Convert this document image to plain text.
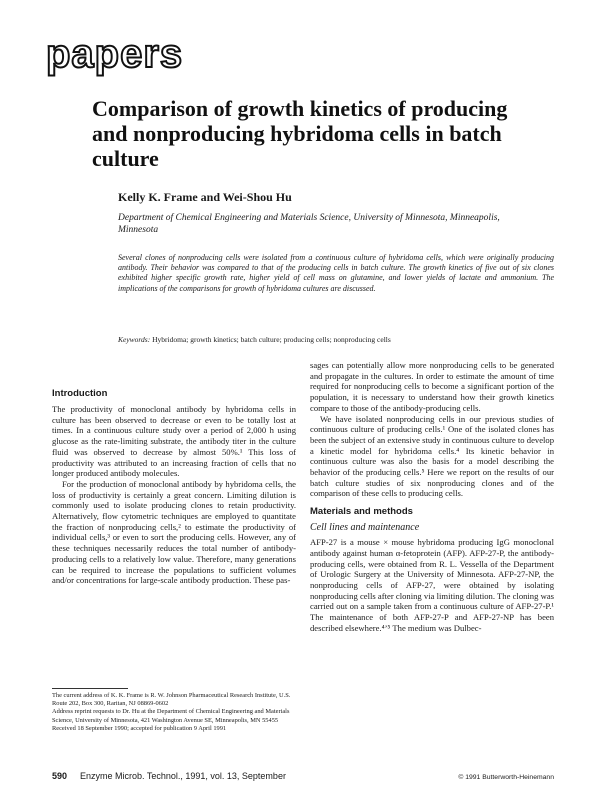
papers
Comparison of growth kinetics of producing and nonproducing hybridoma cells in batch culture
Kelly K. Frame and Wei-Shou Hu
Department of Chemical Engineering and Materials Science, University of Minnesota, Minneapolis, Minnesota
Several clones of nonproducing cells were isolated from a continuous culture of hybridoma cells, which were originally producing antibody. Their behavior was compared to that of the producing cells in batch culture. The growth kinetics of five out of six clones exhibited higher specific growth rate, higher yield of cell mass on glutamine, and lower yields of lactate and ammonium. The implications of the comparisons for growth of hybridoma cultures are discussed.
Keywords: Hybridoma; growth kinetics; batch culture; producing cells; nonproducing cells
Introduction

The productivity of monoclonal antibody by hybridoma cells in culture has been observed to decrease or even to be totally lost at times. In a continuous culture study over a period of 2,000 h using glucose as the rate-limiting substrate, the antibody titer in the culture fluid was observed to decrease by almost 50%.¹ This loss of productivity was attributed to an increasing fraction of cells that no longer produced antibody molecules.

For the production of monoclonal antibody by hybridoma cells, the loss of productivity is certainly a great concern. Limiting dilution is commonly used to isolate producing clones to retain productivity. Alternatively, flow cytometric techniques are employed to quantitate the fraction of nonproducing cells,² to estimate the productivity of individual cells,³ or even to sort the producing cells. However, any of these techniques necessarily reduces the total number of antibody-producing cells to a relatively low value. Therefore, many generations can be required to increase the populations to sufficient volumes and/or concentrations for large-scale antibody production. These pas-

sages can potentially allow more nonproducing cells to be generated and propagate in the cultures. In order to estimate the amount of time required for nonproducing cells to become a significant portion of the population, it is necessary to understand how their growth kinetics compare to those of the antibody-producing cells.

We have isolated nonproducing cells in our previous studies of continuous culture of producing cells.¹ One of the isolated clones has been the subject of an extensive study in continuous culture to develop a kinetic model for hybridoma cells.⁴ Its kinetic behavior in continuous culture was also the basis for a model describing the behavior of the producing cells.⁵ Here we report on the results of our batch culture studies of six nonproducing clones and of the comparison of these cells to producing cells.

Materials and methods
Cell lines and maintenance

AFP-27 is a mouse × mouse hybridoma producing IgG monoclonal antibody against human α-fetoprotein (AFP). AFP-27-P, the antibody-producing cells, were obtained from R. L. Vessella of the Department of Urologic Surgery at the University of Minnesota. AFP-27-NP, the nonproducing cells of AFP-27, were obtained by isolating nonproducing cells after cloning via limiting dilution. The cloning was carried out on a sample taken from a continuous culture of AFP-27-P.¹ The maintenance of both AFP-27-P and AFP-27-NP has been described elsewhere.⁴ʼ⁵ The medium was Dulbec-

The current address of K. K. Frame is R. W. Johnson Pharmaceutical Research Institute, U.S. Route 202, Box 300, Raritan, NJ 08869-0602
Address reprint requests to Dr. Hu at the Department of Chemical Engineering and Materials Science, University of Minnesota, 421 Washington Avenue SE, Minneapolis, MN 55455
Received 18 September 1990; accepted for publication 9 April 1991
590 Enzyme Microb. Technol., 1991, vol. 13, September	© 1991 Butterworth-Heinemann
